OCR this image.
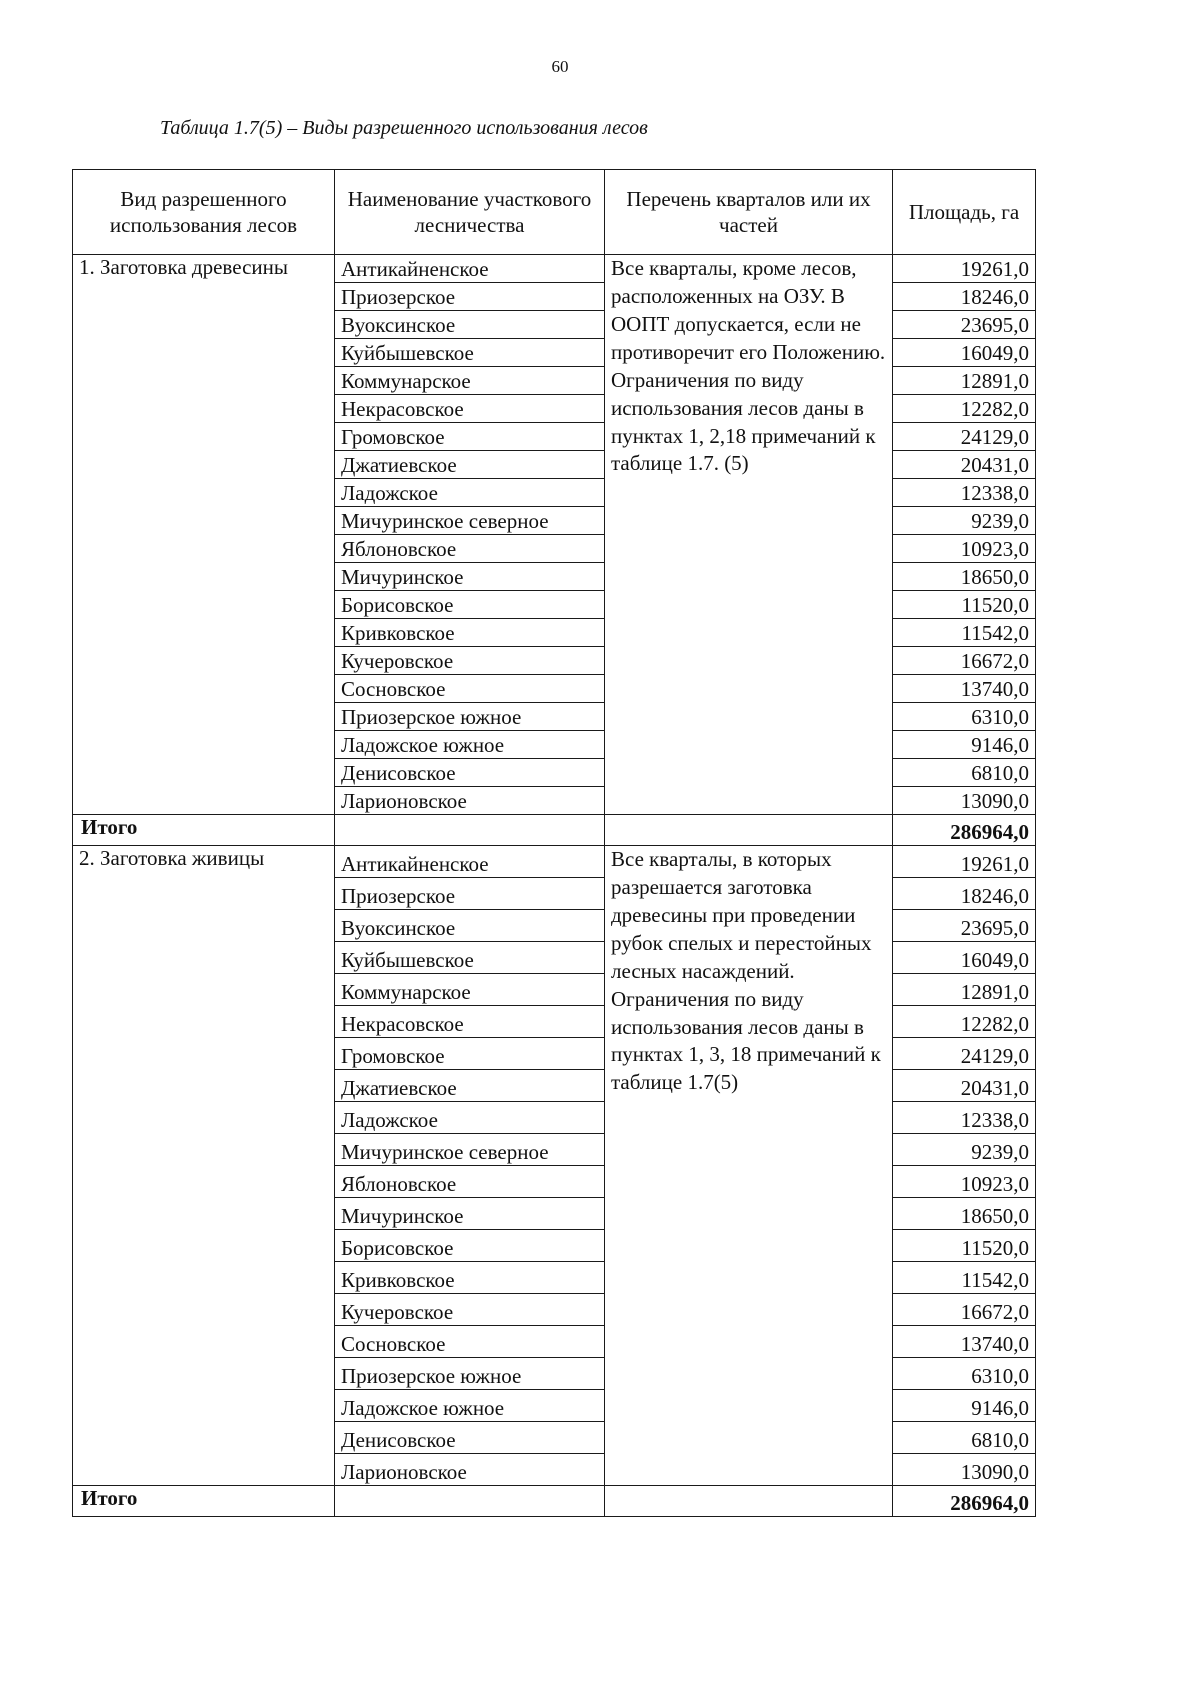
60
Таблица 1.7(5) – Виды разрешенного использования лесов
Вид разрешенного использования лесов	Наименование участкового лесничества	Перечень кварталов или их частей	Площадь, га
1. Заготовка древесины	Антикайненское	Все кварталы, кроме лесов, расположенных на ОЗУ. В ООПТ допускается, если не противоречит его Положению. Ограничения по виду использования лесов даны в пунктах 1, 2,18 примечаний к таблице 1.7. (5)	19261,0
	Приозерское		18246,0
	Вуоксинское		23695,0
	Куйбышевское		16049,0
	Коммунарское		12891,0
	Некрасовское		12282,0
	Громовское		24129,0
	Джатиевское		20431,0
	Ладожское		12338,0
	Мичуринское северное		9239,0
	Яблоновское		10923,0
	Мичуринское		18650,0
	Борисовское		11520,0
	Кривковское		11542,0
	Кучеровское		16672,0
	Сосновское		13740,0
	Приозерское южное		6310,0
	Ладожское южное		9146,0
	Денисовское		6810,0
	Ларионовское		13090,0
Итого			286964,0
2. Заготовка живицы	Антикайненское	Все кварталы, в которых разрешается заготовка древесины при проведении рубок спелых и перестойных лесных насаждений. Ограничения по виду использования лесов даны в пунктах 1, 3, 18 примечаний к таблице 1.7(5)	19261,0
	Приозерское		18246,0
	Вуоксинское		23695,0
	Куйбышевское		16049,0
	Коммунарское		12891,0
	Некрасовское		12282,0
	Громовское		24129,0
	Джатиевское		20431,0
	Ладожское		12338,0
	Мичуринское северное		9239,0
	Яблоновское		10923,0
	Мичуринское		18650,0
	Борисовское		11520,0
	Кривковское		11542,0
	Кучеровское		16672,0
	Сосновское		13740,0
	Приозерское южное		6310,0
	Ладожское южное		9146,0
	Денисовское		6810,0
	Ларионовское		13090,0
Итого			286964,0
